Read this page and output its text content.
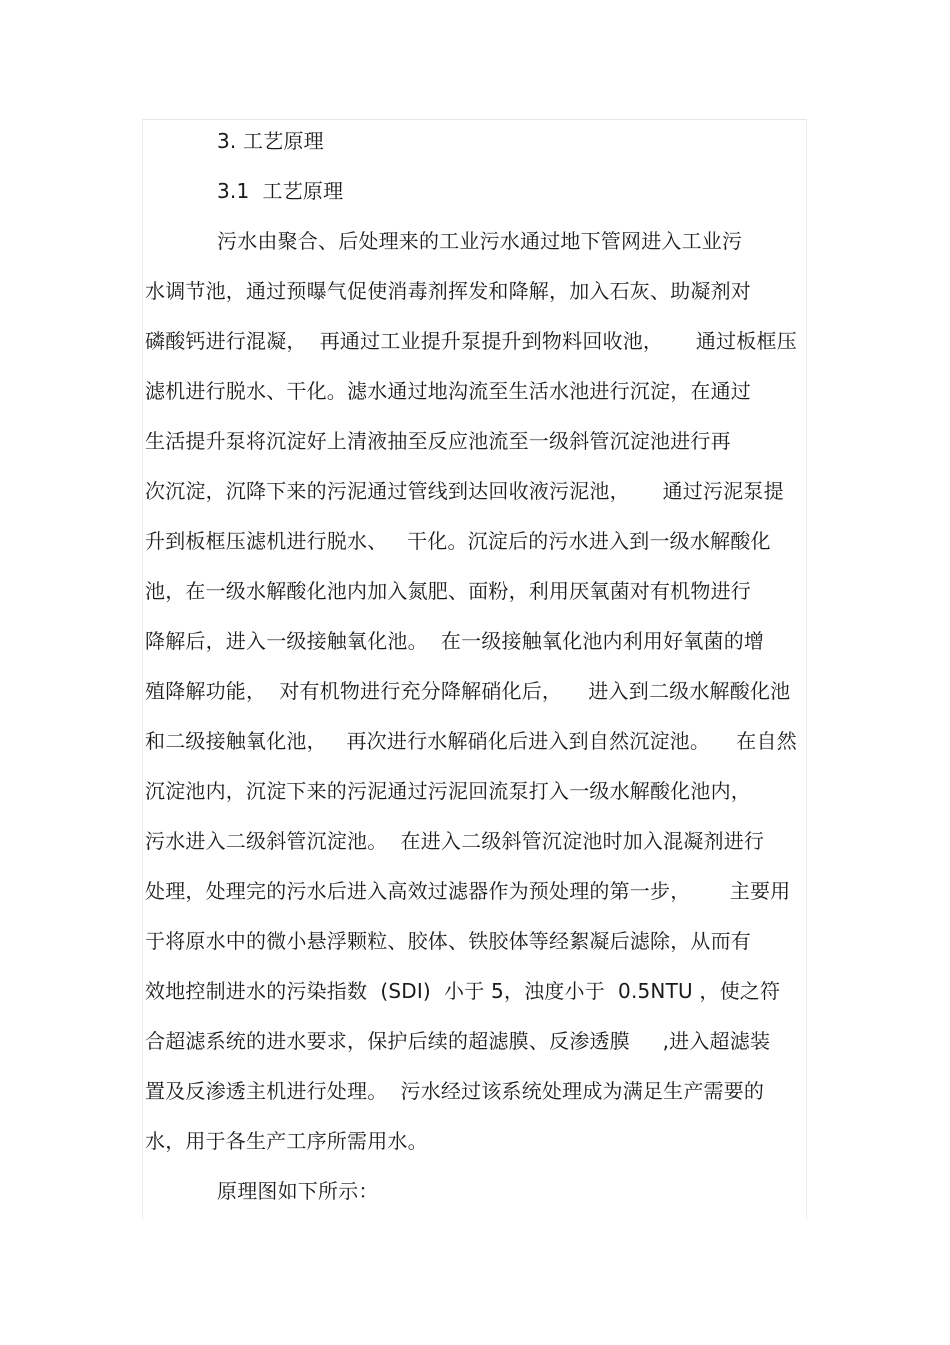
3. 工艺原理
3.1  工艺原理
污水由聚合、后处理来的工业污水通过地下管网进入工业污
水调节池，通过预曝气促使消毒剂挥发和降解，加入石灰、助凝剂对
磷酸钙进行混凝，  再通过工业提升泵提升到物料回收池，     通过板框压
滤机进行脱水、干化。滤水通过地沟流至生活水池进行沉淀，在通过
生活提升泵将沉淀好上清液抽至反应池流至一级斜管沉淀池进行再
次沉淀，沉降下来的污泥通过管线到达回收液污泥池，     通过污泥泵提
升到板框压滤机进行脱水、   干化。沉淀后的污水进入到一级水解酸化
池，在一级水解酸化池内加入氮肥、面粉，利用厌氧菌对有机物进行
降解后，进入一级接触氧化池。  在一级接触氧化池内利用好氧菌的增
殖降解功能，  对有机物进行充分降解硝化后，    进入到二级水解酸化池
和二级接触氧化池，   再次进行水解硝化后进入到自然沉淀池。    在自然
沉淀池内，沉淀下来的污泥通过污泥回流泵打入一级水解酸化池内，
污水进入二级斜管沉淀池。  在进入二级斜管沉淀池时加入混凝剂进行
处理，处理完的污水后进入高效过滤器作为预处理的第一步，      主要用
于将原水中的微小悬浮颗粒、胶体、铁胶体等经絮凝后滤除，从而有
效地控制进水的污染指数  (SDI)  小于 5，浊度小于  0.5NTU ，使之符
合超滤系统的进水要求，保护后续的超滤膜、反渗透膜     ,进入超滤装
置及反渗透主机进行处理。  污水经过该系统处理成为满足生产需要的
水，用于各生产工序所需用水。
原理图如下所示：
